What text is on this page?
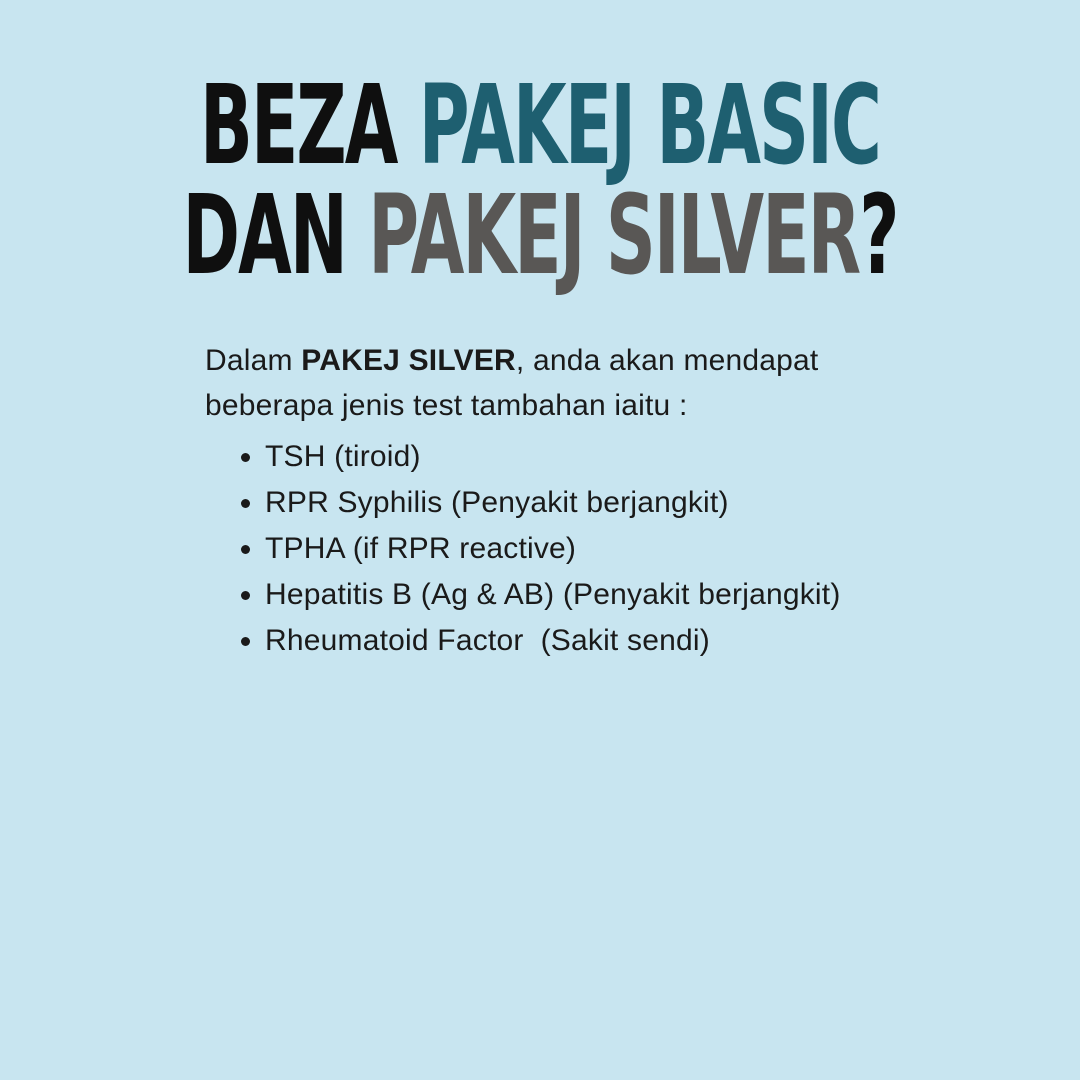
BEZA PAKEJ BASIC
DAN PAKEJ SILVER?
Dalam PAKEJ SILVER, anda akan mendapat
beberapa jenis test tambahan iaitu :
• TSH (tiroid)
• RPR Syphilis (Penyakit berjangkit)
• TPHA (if RPR reactive)
• Hepatitis B (Ag & AB) (Penyakit berjangkit)
• Rheumatoid Factor  (Sakit sendi)
